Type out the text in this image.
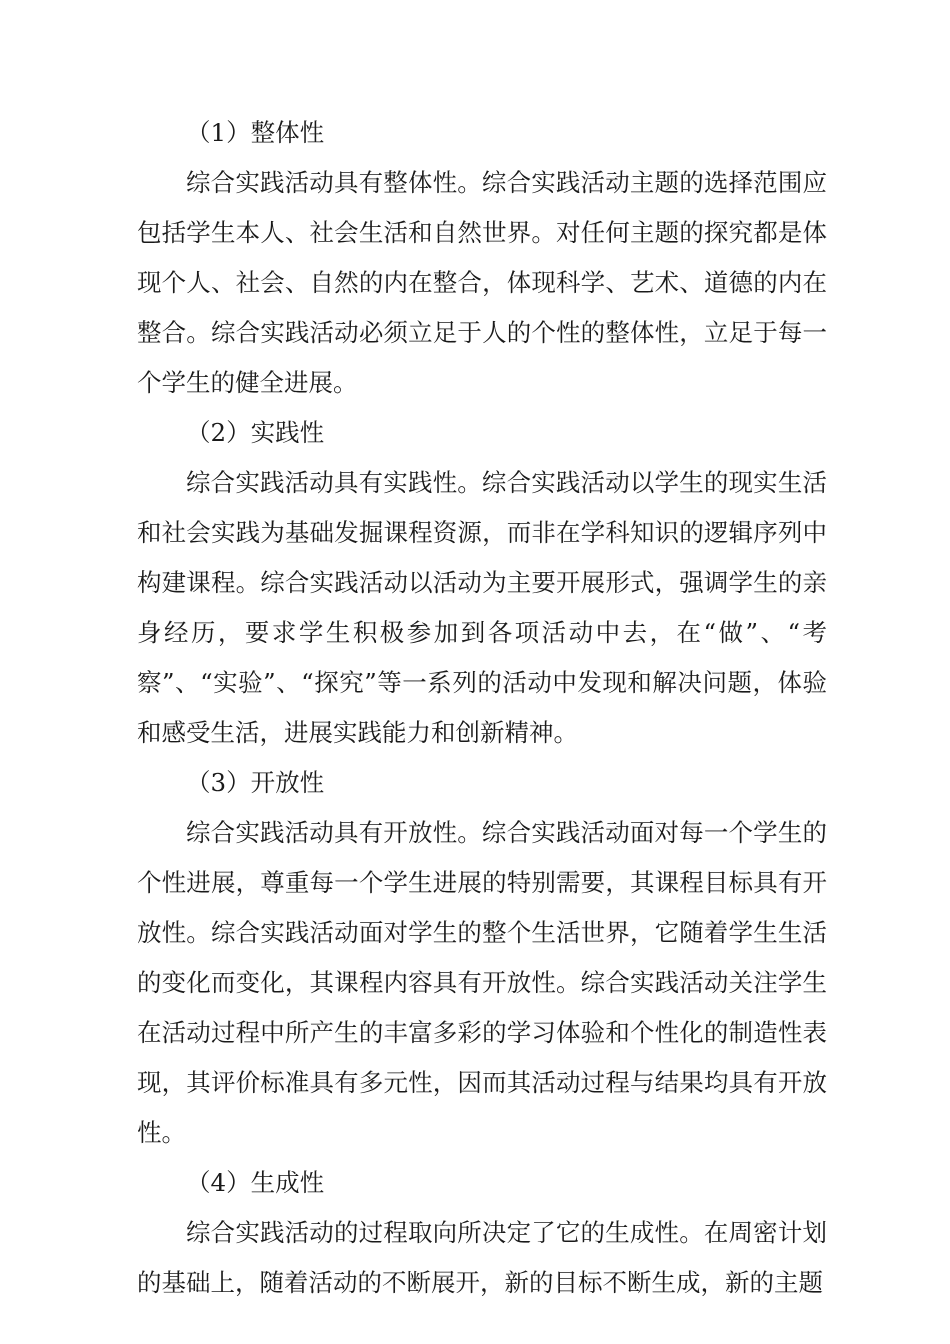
（1）整体性

综合实践活动具有整体性。综合实践活动主题的选择范围应包括学生本人、社会生活和自然世界。对任何主题的探究都是体现个人、社会、自然的内在整合，体现科学、艺术、道德的内在整合。综合实践活动必须立足于人的个性的整体性，立足于每一个学生的健全进展。

（2）实践性

综合实践活动具有实践性。综合实践活动以学生的现实生活和社会实践为基础发掘课程资源，而非在学科知识的逻辑序列中构建课程。综合实践活动以活动为主要开展形式，强调学生的亲身经历，要求学生积极参加到各项活动中去，在“做”、“考察”、“实验”、“探究”等一系列的活动中发现和解决问题，体验和感受生活，进展实践能力和创新精神。

（3）开放性

综合实践活动具有开放性。综合实践活动面对每一个学生的个性进展，尊重每一个学生进展的特别需要，其课程目标具有开放性。综合实践活动面对学生的整个生活世界，它随着学生生活的变化而变化，其课程内容具有开放性。综合实践活动关注学生在活动过程中所产生的丰富多彩的学习体验和个性化的制造性表现，其评价标准具有多元性，因而其活动过程与结果均具有开放性。

（4）生成性

综合实践活动的过程取向所决定了它的生成性。在周密计划的基础上，随着活动的不断展开，新的目标不断生成，新的主题
